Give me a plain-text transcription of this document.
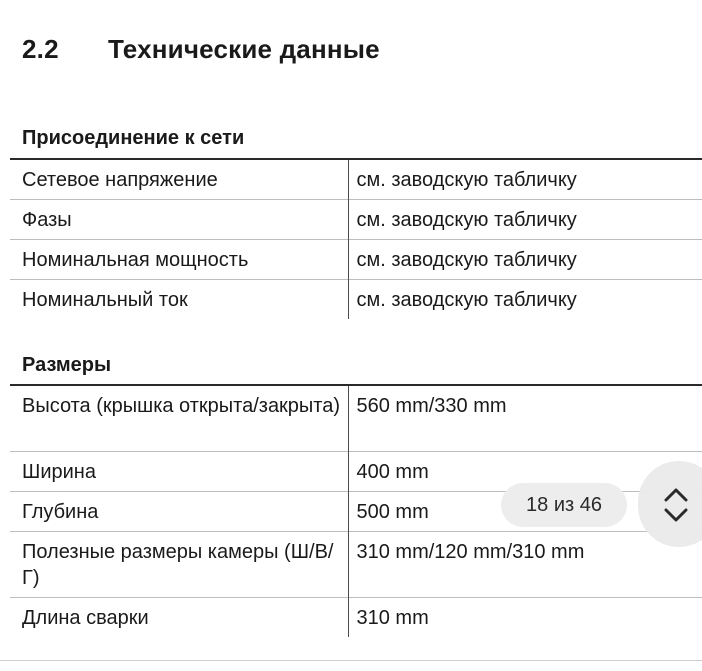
2.2 Технические данные
Присоединение к сети
Сетевое напряжение	см. заводскую табличку
Фазы	см. заводскую табличку
Номинальная мощность	см. заводскую табличку
Номинальный ток	см. заводскую табличку
Размеры
Высота (крышка открыта/закрыта)	560 mm/330 mm
Ширина	400 mm
Глубина	500 mm
Полезные размеры камеры (Ш/В/Г)	310 mm/120 mm/310 mm
Длина сварки	310 mm
18 из 46
